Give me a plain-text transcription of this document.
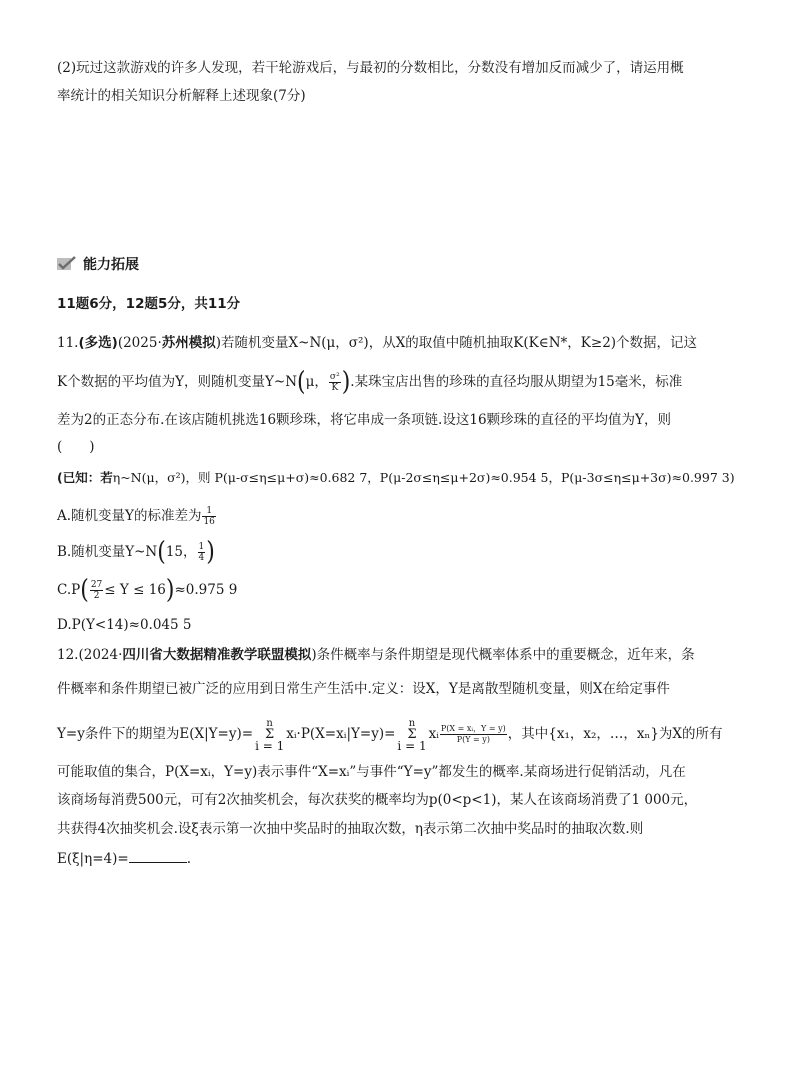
(2)玩过这款游戏的许多人发现，若干轮游戏后，与最初的分数相比，分数没有增加反而减少了，请运用概
率统计的相关知识分析解释上述现象(7分)
能力拓展
11题6分，12题5分，共11分
11.(多选)(2025·苏州模拟)若随机变量X~N(μ，σ²)，从X的取值中随机抽取K(K∈N*，K≥2)个数据，记这
K个数据的平均值为Y，则随机变量Y~N(μ， $\frac{\text{σ²}}{K}$ ).某珠宝店出售的珍珠的直径均服从期望为15毫米，标准
差为2的正态分布.在该店随机挑选16颗珍珠，将它串成一条项链.设这16颗珍珠的直径的平均值为Y，则
(　　)
(已知：若η~N(μ，σ²)，则 P(μ-σ≤η≤μ+σ)≈0.682 7，P(μ-2σ≤η≤μ+2σ)≈0.954 5，P(μ-3σ≤η≤μ+3σ)≈0.997 3)
A.随机变量Y的标准差为 $\frac{1}{16}$
B.随机变量Y~N(15， $\frac{1}{4}$ )
$C.P( \frac{27}{2} \le Y \le 16)\approx 0.975$ 9
D.P(Y<14)≈0.045 5
12.(2024·四川省大数据精准教学联盟模拟)条件概率与条件期望是现代概率体系中的重要概念，近年来，条
件概率和条件期望已被广泛的应用到日常生产生活中.定义：设X，Y是离散型随机变量，则X在给定事件
Y=y条件下的期望为E(X|Y=y)=
n
Σ
i = 1
xᵢ·P(X=xᵢ|Y=y)=
n
Σ
i = 1
xᵢ $\frac{\text{P(X = xᵢ，Y = y)}}{P(Y = y)}$ ，其中{x₁，x₂，…，xₙ}为X的所有
可能取值的集合，P(X=xᵢ，Y=y)表示事件“X=xᵢ”与事件“Y=y”都发生的概率.某商场进行促销活动，凡在
该商场每消费500元，可有2次抽奖机会，每次获奖的概率均为p(0<p<1)，某人在该商场消费了1 000元，
共获得4次抽奖机会.设ξ表示第一次抽中奖品时的抽取次数，η表示第二次抽中奖品时的抽取次数.则
E(ξ|η=4)=	.
